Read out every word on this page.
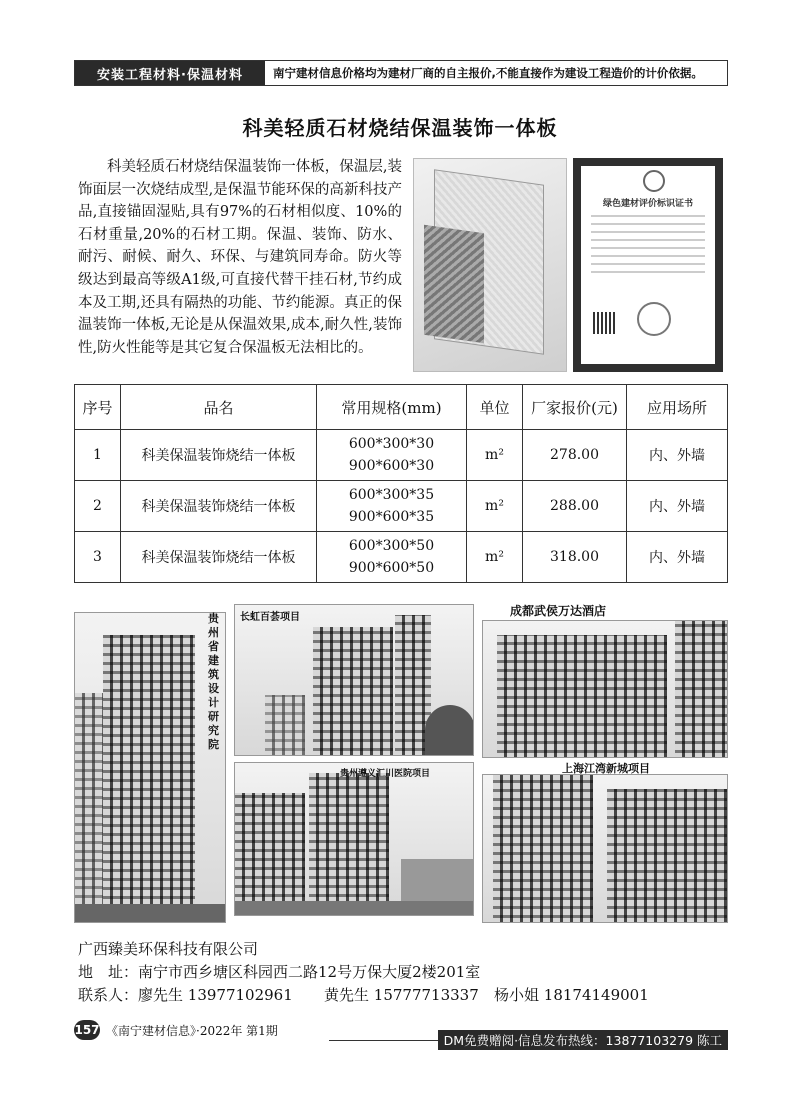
安装工程材料·保温材料	南宁建材信息价格均为建材厂商的自主报价,不能直接作为建设工程造价的计价依据。
科美轻质石材烧结保温装饰一体板

科美轻质石材烧结保温装饰一体板，保温层,装饰面层一次烧结成型,是保温节能环保的高新科技产品,直接锚固湿贴,具有97%的石材相似度、10%的石材重量,20%的石材工期。保温、装饰、防水、耐污、耐候、耐久、环保、与建筑同寿命。防火等级达到最高等级A1级,可直接代替干挂石材,节约成本及工期,还具有隔热的功能、节约能源。真正的保温装饰一体板,无论是从保温效果,成本,耐久性,装饰性,防火性能等是其它复合保温板无法相比的。

绿色建材评价标识证书
序号	品名	常用规格(mm)	单位	厂家报价(元)	应用场所
1	科美保温装饰烧结一体板	600*300*30
900*600*30	m²	278.00	内、外墙
2	科美保温装饰烧结一体板	600*300*35
900*600*35	m²	288.00	内、外墙
3	科美保温装饰烧结一体板	600*300*50
900*600*50	m²	318.00	内、外墙
贵州省建筑设计研究院
长虹百荟项目	成都武侯万达酒店
贵州遵义汇川医院项目	上海江湾新城项目
广西臻美环保科技有限公司
地　址：南宁市西乡塘区科园西二路12号万保大厦2楼201室
联系人：廖先生 13977102961 黄先生 15777713337 杨小姐 18174149001
157 《南宁建材信息》·2022年 第1期
DM免费赠阅·信息发布热线：13877103279 陈工
